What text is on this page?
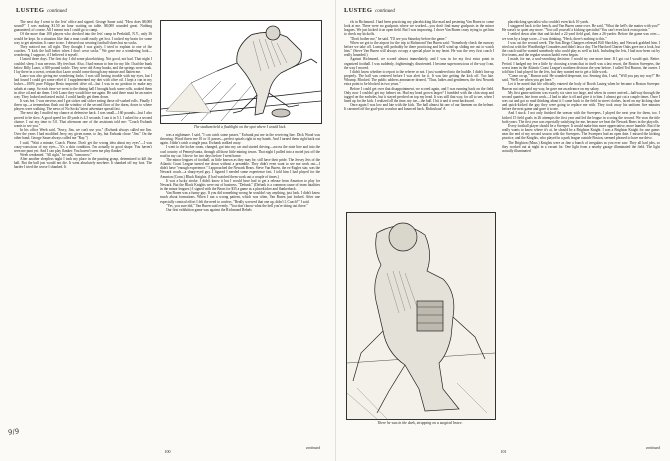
LUSTEG continued

The next day I went to the Jets' office and signed. George Sauer said, "How does $8,000 sound?" I was making $1.50 an hour waiting on table. $8,000 sounded great. Nothing guaranteed, of course. All I meant was I could go to camp.

Of the more than 100 players who checked into the Jets' camp in Peekskill, N.Y., only 36 would be kept. In a situation like that a man could easily get lost. I racked my brain for some way to get attention. It came to me. I dressed out wearing football shoes but no socks.

They noticed me, all right. They thought I was goofy. I tried to explain to one of the coaches. "I kick the ball better when I don't wear socks." We gave me a wondering look—wondering, I suppose, if I believed it myself.

I lasted three days. The first day I did some placekicking. Not good, not bad. That night I couldn't sleep. I was nervous. My feet hurt. Also, I had reason to fear for my life. I had the bunk below Billy Lazro, a 300-pound tackle. They were old Army bunks, and the springs were weak. I lay there in a sweat, certain that Lazro would come through any minute and flatten me.

Lazro was also giving me wondering looks. I was still having trouble with my eyes, but I had found I could get some relief if I supplemented my diet with olive oil. I kept a can in my locker—100% pure Filippo Berio imported olive oil—but I was in no position to make any salads at camp. So each time we went to the dining hall I brought back some rolls, soaked them in olive oil and ate them. I felt Lazro they would hire me again. He said there must be an easier way. They looked and tasted awful. I could hardly get them down.

It was hot. I was nervous and I got sicker and sicker eating those oil-soaked rolls. Finally I threw up—a tremendous flush out the window of the second floor of the dorm, down to where players were walking. The news of No Socks' latest adventure spread fast.

The next day I muffed my chance at defensive back. I was small—160 pounds—but I also proved to be slow. A good speed for 40 yards is 4.5 seconds. I ran it in 5.1. I asked for a second chance. I cut my time to 5.0. That afternoon one of the assistants told me: "Coach Ewbank wants to see you."

In his office Weeb said, "Sorry, Jim, we can't use you." (Ewbank always called me Jim. Over the years I had modified Jerry, my given name, to Jay, but Ewbank chose "Jim." On the other hand, George Sauer always called me "Ray.")

I said, "Wait a minute, Coach. Please. Don't get the wrong idea about my eyes"—I was crazy-conscious of my eyes—"it's a skin condition. I'm actually in good shape. You haven't seen me punt yet. And I can play flanker. You haven't seen me play flanker."

Weeb weakened. "All right," he said, "tomorrow."

After another sleepless night I took my place in the punting group, determined to kill the ball. But the ball just would not die. It went absolutely nowhere. It shanked off my foot. The harder I tried the worse I shanked. It

The stadium held a flashlight on the spot where I would kick.

was a nightmare. I said, "I can catch some passes." Ewbank put me in the receiving line. Dick Wood was throwing. Wood threw me 10 or 11 passes—perfect spirals right in my hands. And I turned them right back out again. I didn't catch a single pass. Ewbank walked away.

I went to the locker room, changed, got into my car and started driving—across the state line and into the coal country of Pennsylvania, through all those little mining towns. That night I pulled into a motel just off the road in my car. I drove for two days before I went home.

The minor leagues of football, as little known as they may be, still have their pride. The Jersey Jets of the Atlantic Coast League turned me down without a preamble. They didn't even want to see me work out—I didn't have "enough experience." I approached the Newark Bears. Steve Van Buren, the ex-Eagles star, was the Newark coach—a sharp-eyed guy. I figured I needed some experience fast. I told him I had played for the Amarion (Conn.) Black Knights. (I had watched them work out a couple of times.)

It was a lucky stroke. I didn't know it but I would have had to get a release from Amarion to play for Newark. But the Black Knights were out of business. "Defunk." (Defunk is a common cause of team fatalities in the minor leagues.) I signed with the Bears for $35 a game as a placekicker and flankerback.

Van Buren was a funny guy. If you did something wrong he wouldn't say anything, just look. I didn't know much about formations. When I ran a wrong pattern, which was often, Van Buren just looked. After one especially comical effort I felt the need to confess. "Really screwed that one up, didn't I, Coach?" I said.

"Yes, you sure did," Van Buren said evenly. "You don't know what the hell you're doing out there."

Our first exhibition game was against the Richmond Rebels

continued
9/9
100
LUSTEG continued

els in Richmond. I had been practicing my placekicking like mad and pestering Van Buren to come look at me. There were no goalposts where we worked—you don't find many goalposts in the minor leagues. We just kicked it on open field. But I was improving. I drove Van Buren crazy trying to get him to check my kickoffs.

"Don't bother me," he said. "I'll see you Saturday before the game."

When we got to the airport for the trip to Richmond Van Buren said: "Somebody check the runway before we take off. Lusteg will probably be there practicing and he'll wind up sliding me out to watch him." (Steve Van Buren will always occupy a special place in my heart. He was the very first coach I really hounded.)

Against Richmond, we scored almost immediately, and I was in for my first extra point in organized football. I was suddenly, frighteningly disoriented. I became superconscious of the way I ran, the way I moved.

I didn't know whether to report to the referee or not. I just wandered into the huddle. I didn't line up properly. The ball was centered before I was alert for it. It was late getting the kick off. Too late. Whump. Blocked. The public address announcer droned, "Thus, ladies and gentlemen, the first Newark extra point to be blocked in two years."

Before I could get over that disappointment, we scored again, and I was running back on the field. Only now I couldn't get my helmet on. Had my head grown larger? I fumbled with the chin strap and tugged on the earholes, but it stayed perched on top my head. It was still that way, for all to see, when I lined up for the kick. I realized all the time, my toe—the ball. I hit it and it went backward.

Once again I was low and late with the kick. The ball almost hit one of our linemen on the helmet. It caromed off the goal-post crossbar and bounced back. Ridiculous! A

There he was in the dark, strapping on a surgical brace.

placekicking specialist who couldn't even kick 10 yards.

I staggered back to the bench, and Van Buren came over. He said, "What the hell's the matter with you?" He wasn't so quiet any more. "You call yourself a kicking specialist? You can't even kick extra points."

I settled down after that and kicked a 22-yard field goal, then a 26-yarder. Before the game was over—we won by a large score—I was thinking, "Heck, there's nothing to this."

I was cut the second week. The San Diego Chargers released Bill Shockley, and Newark grabbed him. I tried out with the Woodbridge Crusaders and didn't last a day. The Hartford Charter Oaks gave me a look, but the coach said he wanted somebody who could play as well as kick. Including the Jets, I had now been cut by five teams, and the regular season hadn't even begun.

I made, for me, a soul-searching decision: I would try one more time. If I got cut I would quit. Retire. Period. I badged my fee a little by choosing a team that in itself was a last resort, the Boston Sweepers, the worst team in the Atlantic Coast League's northern division the year before. I called Ted Burron, the owner. I told him I had played for the Jets, but they wanted me to get a little work.

"Come on up," Burron said. He sounded desperate, too. Sensing this, I said, "Will you pay my way?" He said, "We'll see when you get here."

Let it be noted that life officially entered the body of Booth Lusteg when he became a Boston Sweeper. Burron not only paid my way, he gave me an advance on my salary.

My first game uniform was exactly six sizes too large, and when its owner arrived—halfway through the second quarter, late from work—I had to take it off and give it to him. I almost got cut a couple times. Once I was cut and got so mad thinking about it I came back to the field in street clothes, laced on my kicking shoe and quick-kicked the guy they were going to replace me with. They took away his uniform five minutes before the next game and gave it to me.

And I stuck. I not only finished the season with the Sweepers, I played the next year for them, too. I kicked 15 field goals in 26 attempts the first year and led the league in scoring the second. We won the title both years. The first year was especially satisfying for me, because we beat the Newark Bears in the playoffs.

Every football player should be a Sweeper. It would make him more appreciative, more humble. But if he really wants to know where it's at, he should be a Brighton Knight. I was a Brighton Knight for one game: near the end of my second season with the Sweepers. The Sweepers had an open date. I missed the kicking practice, and the Knights, who played in a park league outside Boston, seemed pleased to have me drive.

The Brighton (Mass.) Knights were as fine a bunch of irregulars as you ever saw. They all had jobs, so they worked out at night in a vacant lot. One light from a nearby garage illuminated the field. The light actually illuminated

continued
101
